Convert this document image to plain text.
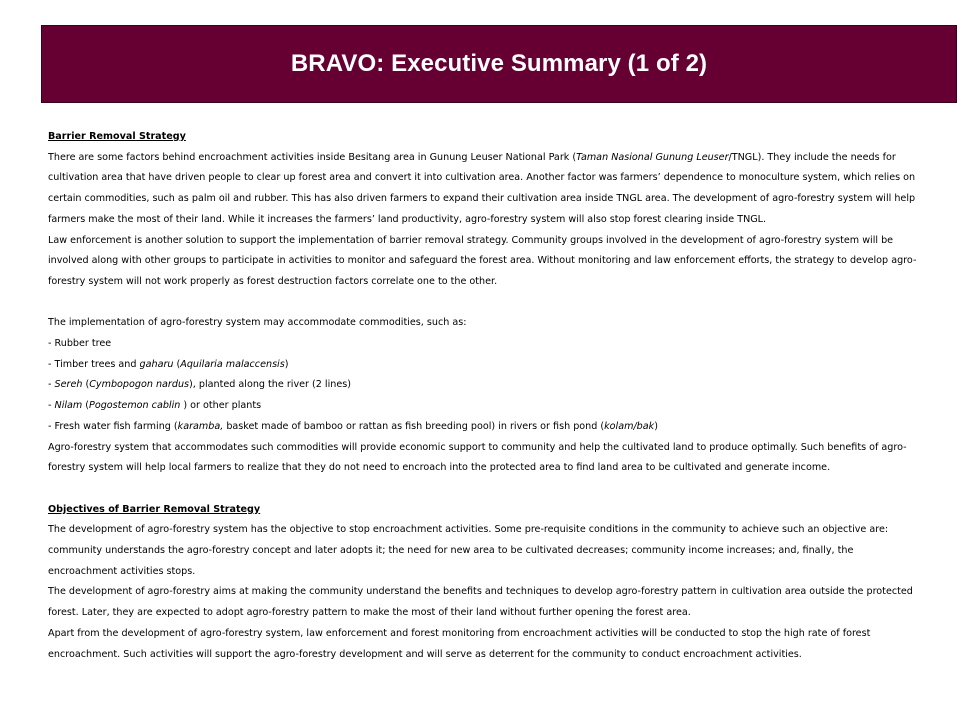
BRAVO: Executive Summary (1 of 2)

Barrier Removal Strategy

There are some factors behind encroachment activities inside Besitang area in Gunung Leuser National Park (Taman Nasional Gunung Leuser/TNGL). They include the needs for cultivation area that have driven people to clear up forest area and convert it into cultivation area. Another factor was farmers’ dependence to monoculture system, which relies on certain commodities, such as palm oil and rubber. This has also driven farmers to expand their cultivation area inside TNGL area. The development of agro-forestry system will help farmers make the most of their land. While it increases the farmers’ land productivity, agro-forestry system will also stop forest clearing inside TNGL.

Law enforcement is another solution to support the implementation of barrier removal strategy. Community groups involved in the development of agro-forestry system will be involved along with other groups to participate in activities to monitor and safeguard the forest area. Without monitoring and law enforcement efforts, the strategy to develop agro-forestry system will not work properly as forest destruction factors correlate one to the other.

The implementation of agro-forestry system may accommodate commodities, such as:

- Rubber tree

- Timber trees and gaharu (Aquilaria malaccensis)

- Sereh (Cymbopogon nardus), planted along the river (2 lines)

- Nilam (Pogostemon cablin ) or other plants

- Fresh water fish farming (karamba, basket made of bamboo or rattan as fish breeding pool) in rivers or fish pond (kolam/bak)

Agro-forestry system that accommodates such commodities will provide economic support to community and help the cultivated land to produce optimally. Such benefits of agro-forestry system will help local farmers to realize that they do not need to encroach into the protected area to find land area to be cultivated and generate income.

Objectives of Barrier Removal Strategy

The development of agro-forestry system has the objective to stop encroachment activities. Some pre-requisite conditions in the community to achieve such an objective are: community understands the agro-forestry concept and later adopts it; the need for new area to be cultivated decreases; community income increases; and, finally, the encroachment activities stops.

The development of agro-forestry aims at making the community understand the benefits and techniques to develop agro-forestry pattern in cultivation area outside the protected forest. Later, they are expected to adopt agro-forestry pattern to make the most of their land without further opening the forest area.

Apart from the development of agro-forestry system, law enforcement and forest monitoring from encroachment activities will be conducted to stop the high rate of forest encroachment. Such activities will support the agro-forestry development and will serve as deterrent for the community to conduct encroachment activities.
